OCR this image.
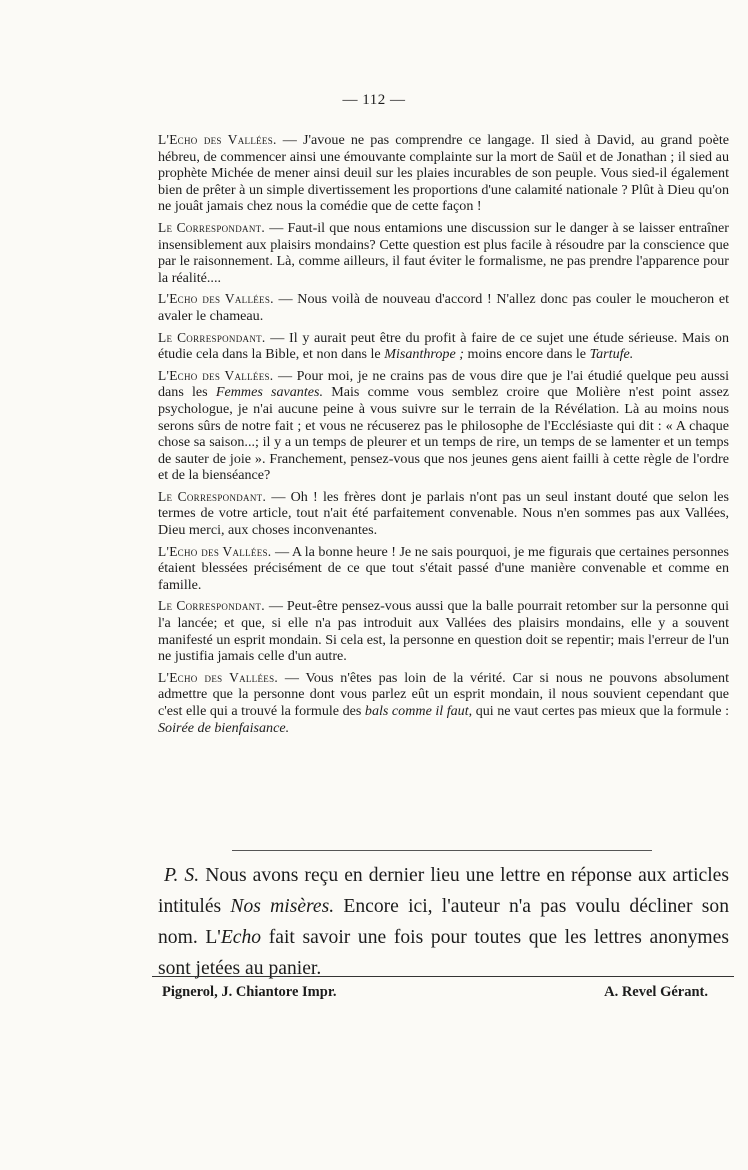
— 112 —

L'Echo des Vallées. — J'avoue ne pas comprendre ce langage. Il sied à David, au grand poète hébreu, de commencer ainsi une émouvante complainte sur la mort de Saül et de Jonathan ; il sied au prophète Michée de mener ainsi deuil sur les plaies incurables de son peuple. Vous sied-il également bien de prêter à un simple divertissement les proportions d'une calamité nationale ? Plût à Dieu qu'on ne jouât jamais chez nous la comédie que de cette façon !

Le Correspondant. — Faut-il que nous entamions une discussion sur le danger à se laisser entraîner insensiblement aux plaisirs mondains? Cette question est plus facile à résoudre par la conscience que par le raisonnement. Là, comme ailleurs, il faut éviter le formalisme, ne pas prendre l'apparence pour la réalité....

L'Echo des Vallées. — Nous voilà de nouveau d'accord ! N'allez donc pas couler le moucheron et avaler le chameau.

Le Correspondant. — Il y aurait peut être du profit à faire de ce sujet une étude sérieuse. Mais on étudie cela dans la Bible, et non dans le Misanthrope ; moins encore dans le Tartufe.

L'Echo des Vallées. — Pour moi, je ne crains pas de vous dire que je l'ai étudié quelque peu aussi dans les Femmes savantes. Mais comme vous semblez croire que Molière n'est point assez psychologue, je n'ai aucune peine à vous suivre sur le terrain de la Révélation. Là au moins nous serons sûrs de notre fait ; et vous ne récuserez pas le philosophe de l'Ecclésiaste qui dit : « A chaque chose sa saison...; il y a un temps de pleurer et un temps de rire, un temps de se lamenter et un temps de sauter de joie ». Franchement, pensez-vous que nos jeunes gens aient failli à cette règle de l'ordre et de la bienséance?

Le Correspondant. — Oh ! les frères dont je parlais n'ont pas un seul instant douté que selon les termes de votre article, tout n'ait été parfaitement convenable. Nous n'en sommes pas aux Vallées, Dieu merci, aux choses inconvenantes.

L'Echo des Vallées. — A la bonne heure ! Je ne sais pourquoi, je me figurais que certaines personnes étaient blessées précisément de ce que tout s'était passé d'une manière convenable et comme en famille.

Le Correspondant. — Peut-être pensez-vous aussi que la balle pourrait retomber sur la personne qui l'a lancée; et que, si elle n'a pas introduit aux Vallées des plaisirs mondains, elle y a souvent manifesté un esprit mondain. Si cela est, la personne en question doit se repentir; mais l'erreur de l'un ne justifia jamais celle d'un autre.

L'Echo des Vallées. — Vous n'êtes pas loin de la vérité. Car si nous ne pouvons absolument admettre que la personne dont vous parlez eût un esprit mondain, il nous souvient cependant que c'est elle qui a trouvé la formule des bals comme il faut, qui ne vaut certes pas mieux que la formule : Soirée de bienfaisance.

P. S. Nous avons reçu en dernier lieu une lettre en réponse aux articles intitulés Nos misères. Encore ici, l'auteur n'a pas voulu décliner son nom. L'Echo fait savoir une fois pour toutes que les lettres anonymes sont jetées au panier.
Pignerol, J. Chiantore Impr.	A. Revel Gérant.
